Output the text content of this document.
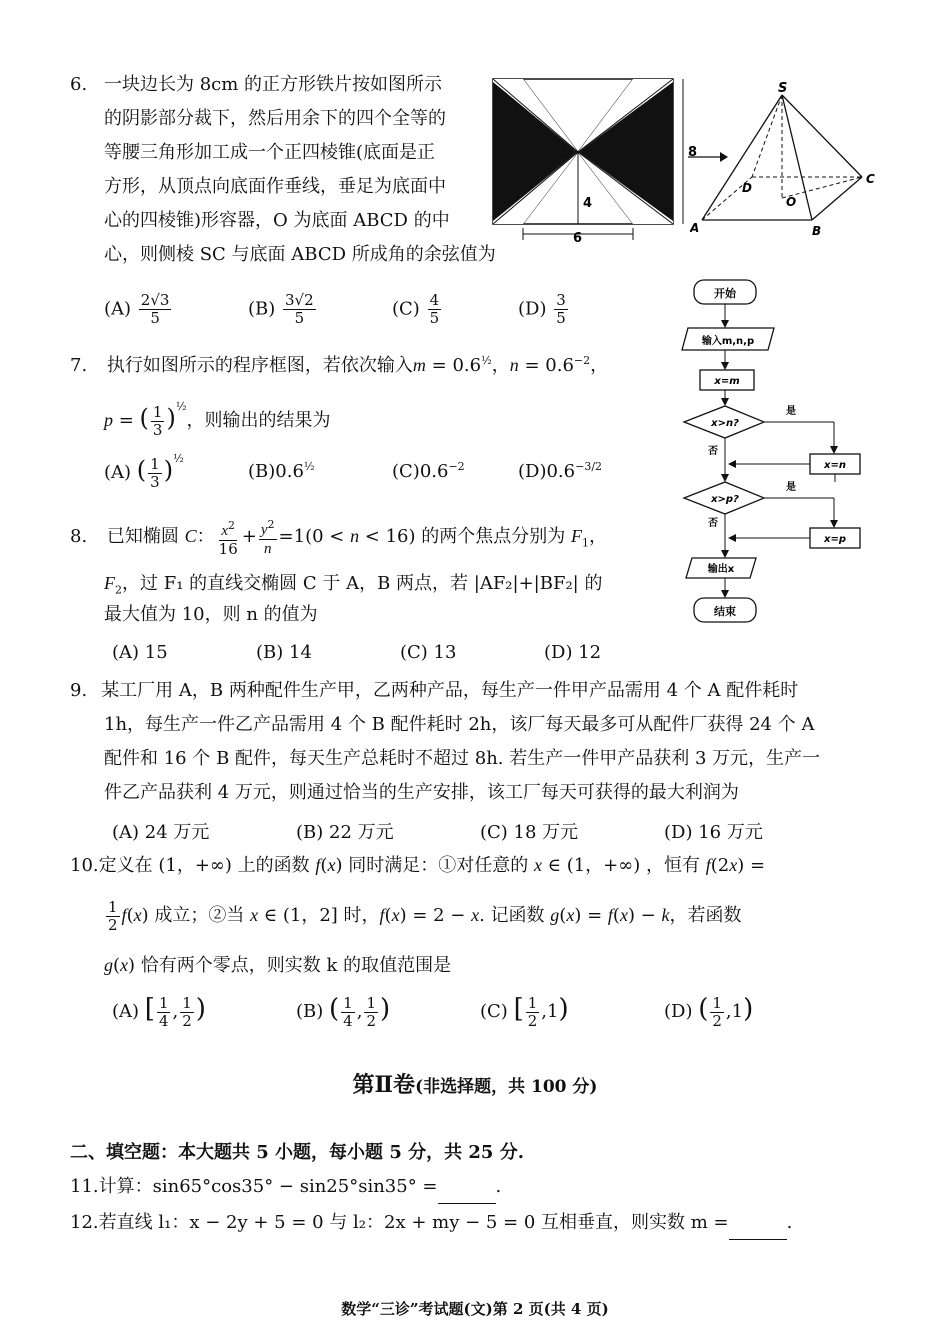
6. 一块边长为 8cm 的正方形铁片按如图所示
的阴影部分裁下，然后用余下的四个全等的
等腰三角形加工成一个正四棱锥(底面是正
方形，从顶点向底面作垂线，垂足为底面中
心的四棱锥)形容器，O 为底面 ABCD 的中
心，则侧棱 SC 与底面 ABCD 所成角的余弦值为
8
4
6
S
A	B
C
D
O
$(A) \frac{2√3}{5}$	$(B) \frac{3√2}{5}$	$(C) \frac{4}{5}$	$(D) \frac{3}{5}$
7. 执行如图所示的程序框图，若依次输入$m = 0.6^{\frac{1}{2}}$，$n = 0.6^{-2}$，
p = ( $\frac{1}{3} )^{\frac{1}{2}}$，则输出的结果为
(A) ( $\frac{1}{3} )^{\frac{1}{2}}$
$(B)0.6^{\frac{1}{2}}$	$(C)0.6^{-2}$	$(D)0.6^{-3/2}$
开始
输入m,n,p
x=m
x>n?
是
否
x=n
x>p?
是
否
x=p
输出x
结束
8. 已知椭圆 C： $\frac{x^2}{16} + \frac{y^2}{n} =1(0 < n < 16)$ 的两个焦点分别为 $F_1$，
$F_2$，过 F₁ 的直线交椭圆 C 于 A，B 两点，若 |AF₂|+|BF₂| 的
最大值为 10，则 n 的值为
(A) 15	(B) 14	(C) 13	(D) 12
9. 某工厂用 A，B 两种配件生产甲，乙两种产品，每生产一件甲产品需用 4 个 A 配件耗时
1h，每生产一件乙产品需用 4 个 B 配件耗时 2h，该厂每天最多可从配件厂获得 24 个 A
配件和 16 个 B 配件，每天生产总耗时不超过 8h. 若生产一件甲产品获利 3 万元，生产一
件乙产品获利 4 万元，则通过恰当的生产安排，该工厂每天可获得的最大利润为
(A) 24 万元	(B) 22 万元	(C) 18 万元	(D) 16 万元
10.定义在 (1，+∞) 上的函数 f(x) 同时满足：①对任意的 x ∈ (1，+∞) ，恒有 f(2x) =
$\frac{1}{2} f(x)$ 成立；②当 x ∈ (1，2] 时，f(x) = 2 − x. 记函数 g(x) = f(x) − k，若函数
g(x) 恰有两个零点，则实数 k 的取值范围是
(A) [ $\frac{1}{4}$ , $\frac{1}{2}$ )	(B) ( $\frac{1}{4}$ , $\frac{1}{2}$ )	(C) [ $\frac{1}{2} ,1$)	(D) ( $\frac{1}{2} ,1$)
第Ⅱ卷(非选择题，共 100 分)
二、填空题：本大题共 5 小题，每小题 5 分，共 25 分.
11.计算：sin65°cos35° − sin25°sin35° =	.
12.若直线 l₁：x − 2y + 5 = 0 与 l₂：2x + my − 5 = 0 互相垂直，则实数 m =	.
数学“三诊”考试题(文)第 2 页(共 4 页)
